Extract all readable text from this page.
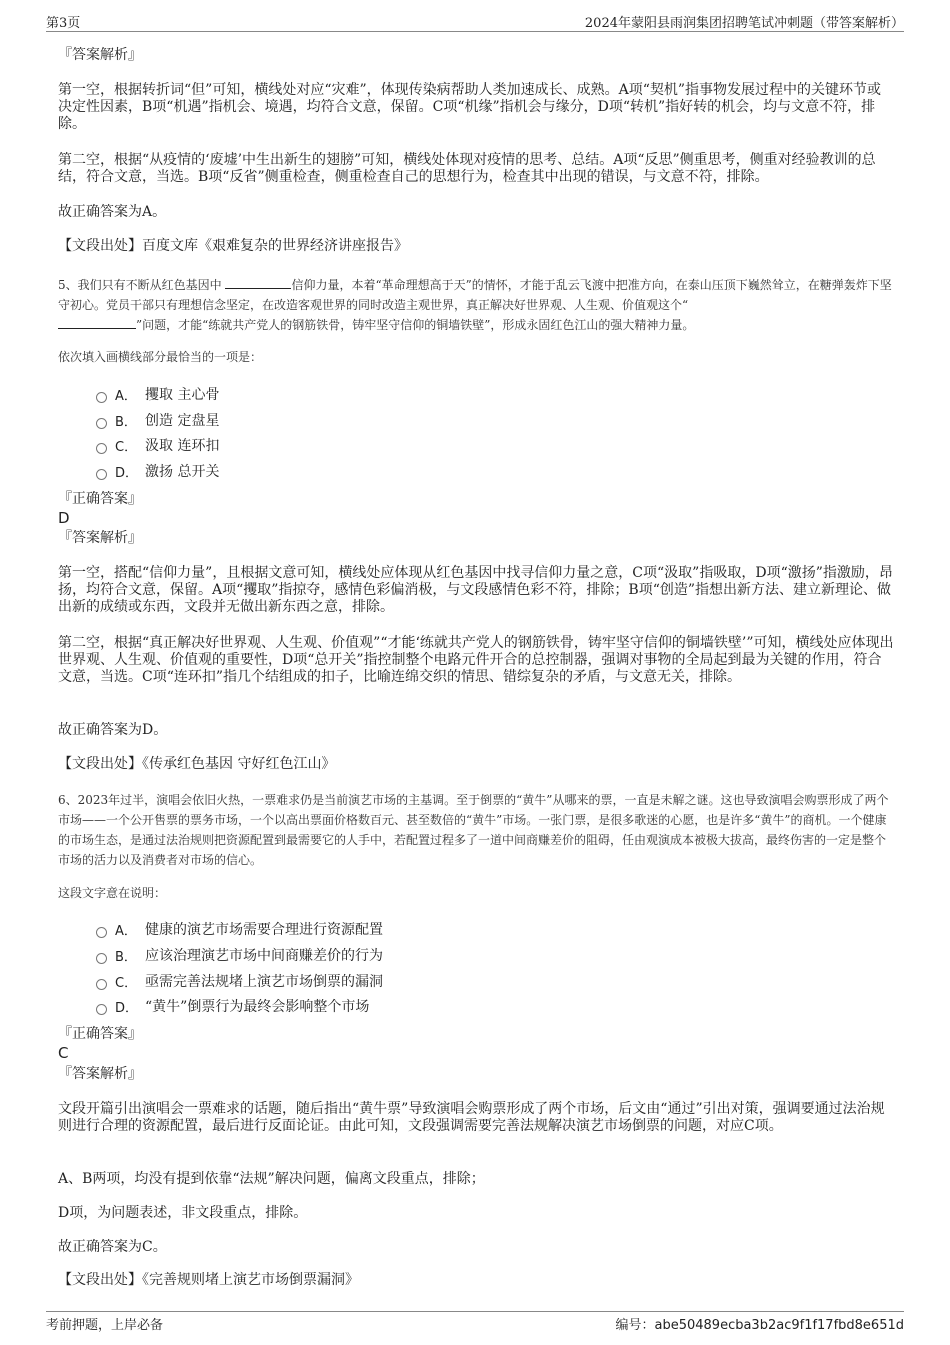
第3页	2024年蒙阳县雨润集团招聘笔试冲刺题（带答案解析）

『答案解析』

第一空，根据转折词“但”可知，横线处对应“灾难”，体现传染病帮助人类加速成长、成熟。A项“契机”指事物发展过程中的关键环节或决定性因素，B项“机遇”指机会、境遇，均符合文意，保留。C项“机缘”指机会与缘分，D项“转机”指好转的机会，均与文意不符，排除。

第二空，根据“从疫情的‘废墟’中生出新生的翅膀”可知，横线处体现对疫情的思考、总结。A项“反思”侧重思考，侧重对经验教训的总结，符合文意，当选。B项“反省”侧重检查，侧重检查自己的思想行为，检查其中出现的错误，与文意不符，排除。

故正确答案为A。

【文段出处】百度文库《艰难复杂的世界经济讲座报告》

5、我们只有不断从红色基因中	信仰力量，本着“革命理想高于天”的情怀，才能于乱云飞渡中把准方向，在泰山压顶下巍然耸立，在糖弹轰炸下坚守初心。党员干部只有理想信念坚定，在改造客观世界的同时改造主观世界，真正解决好世界观、人生观、价值观这个“
”问题，才能“练就共产党人的钢筋铁骨，铸牢坚守信仰的铜墙铁壁”，形成永固红色江山的强大精神力量。

依次填入画横线部分最恰当的一项是：

A． 攫取 主心骨
B． 创造 定盘星
C． 汲取 连环扣
D． 激扬 总开关

『正确答案』

D

『答案解析』

第一空，搭配“信仰力量”，且根据文意可知，横线处应体现从红色基因中找寻信仰力量之意，C项“汲取”指吸取，D项“激扬”指激励，昂扬，均符合文意，保留。A项“攫取”指掠夺，感情色彩偏消极，与文段感情色彩不符，排除；B项“创造”指想出新方法、建立新理论、做出新的成绩或东西，文段并无做出新东西之意，排除。

第二空，根据“真正解决好世界观、人生观、价值观”“才能‘练就共产党人的钢筋铁骨，铸牢坚守信仰的铜墙铁壁’”可知，横线处应体现出世界观、人生观、价值观的重要性，D项“总开关”指控制整个电路元件开合的总控制器，强调对事物的全局起到最为关键的作用，符合文意，当选。C项“连环扣”指几个结组成的扣子，比喻连绵交织的情思、错综复杂的矛盾，与文意无关，排除。

故正确答案为D。

【文段出处】《传承红色基因 守好红色江山》

6、2023年过半，演唱会依旧火热，一票难求仍是当前演艺市场的主基调。至于倒票的“黄牛”从哪来的票，一直是未解之谜。这也导致演唱会购票形成了两个市场——一个公开售票的票务市场，一个以高出票面价格数百元、甚至数倍的“黄牛”市场。一张门票，是很多歌迷的心愿，也是许多“黄牛”的商机。一个健康的市场生态，是通过法治规则把资源配置到最需要它的人手中，若配置过程多了一道中间商赚差价的阻碍，任由观演成本被极大拔高，最终伤害的一定是整个市场的活力以及消费者对市场的信心。

这段文字意在说明：

A． 健康的演艺市场需要合理进行资源配置
B． 应该治理演艺市场中间商赚差价的行为
C． 亟需完善法规堵上演艺市场倒票的漏洞
D． “黄牛”倒票行为最终会影响整个市场

『正确答案』

C

『答案解析』

文段开篇引出演唱会一票难求的话题，随后指出“黄牛票”导致演唱会购票形成了两个市场，后文由“通过”引出对策，强调要通过法治规则进行合理的资源配置，最后进行反面论证。由此可知，文段强调需要完善法规解决演艺市场倒票的问题，对应C项。

A、B两项，均没有提到依靠“法规”解决问题，偏离文段重点，排除；

D项，为问题表述，非文段重点，排除。

故正确答案为C。

【文段出处】《完善规则堵上演艺市场倒票漏洞》

考前押题，上岸必备	编号：abe50489ecba3b2ac9f1f17fbd8e651d
